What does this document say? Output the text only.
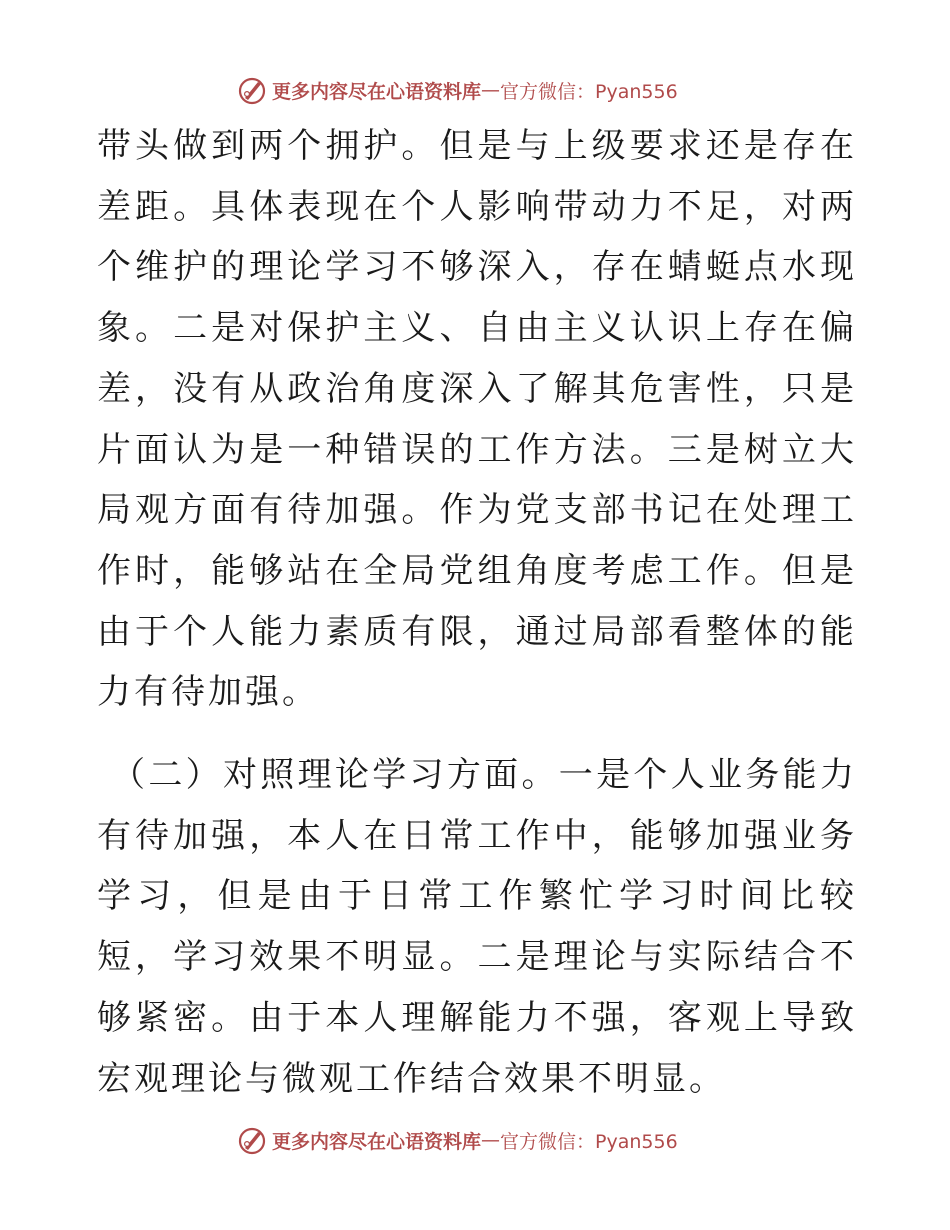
更多内容尽在心语资料库 — 官方微信：Pyan556

带头做到两个拥护。但是与上级要求还是存在差距。具体表现在个人影响带动力不足，对两个维护的理论学习不够深入，存在蜻蜓点水现象。二是对保护主义、自由主义认识上存在偏差，没有从政治角度深入了解其危害性，只是片面认为是一种错误的工作方法。三是树立大局观方面有待加强。作为党支部书记在处理工作时，能够站在全局党组角度考虑工作。但是由于个人能力素质有限，通过局部看整体的能力有待加强。

（二）对照理论学习方面。一是个人业务能力有待加强，本人在日常工作中，能够加强业务学习，但是由于日常工作繁忙学习时间比较短，学习效果不明显。二是理论与实际结合不够紧密。由于本人理解能力不强，客观上导致宏观理论与微观工作结合效果不明显。

更多内容尽在心语资料库 — 官方微信：Pyan556
